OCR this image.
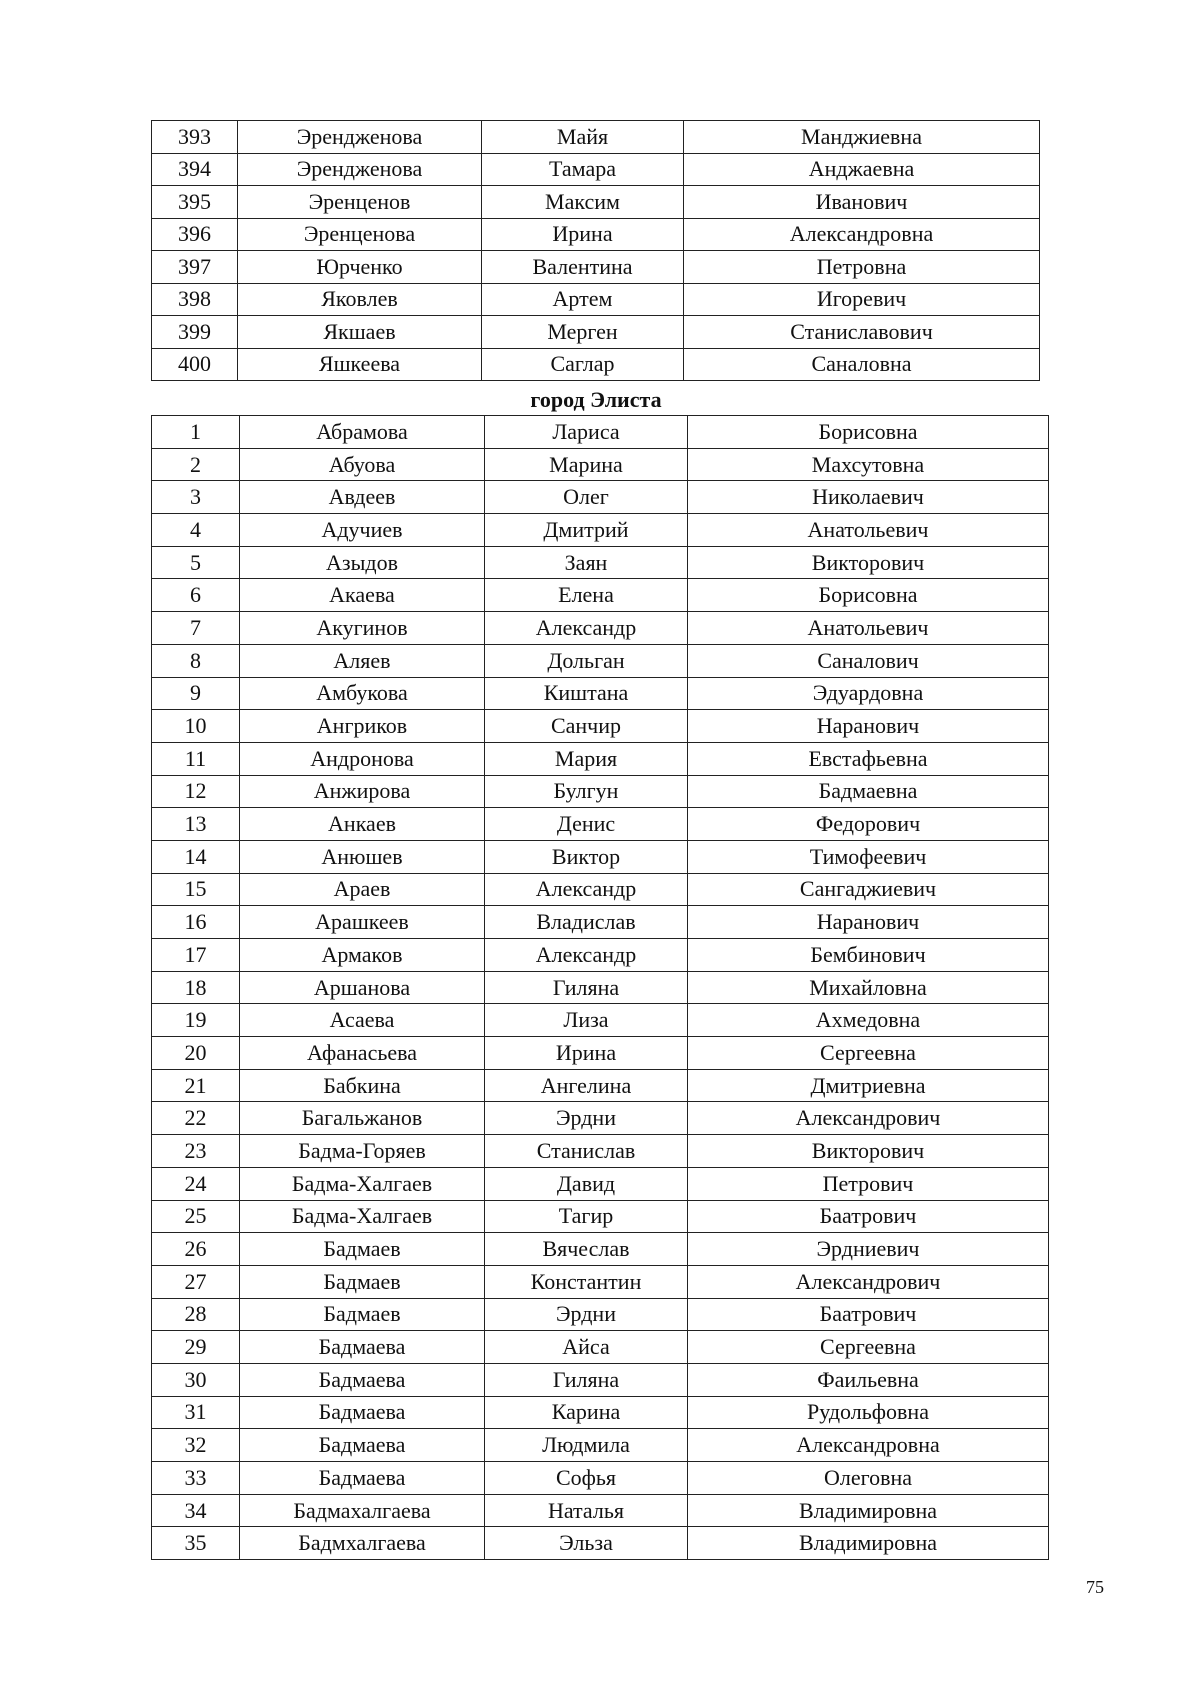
393	Эрендженова	Майя	Манджиевна
394	Эрендженова	Тамара	Анджаевна
395	Эренценов	Максим	Иванович
396	Эренценова	Ирина	Александровна
397	Юрченко	Валентина	Петровна
398	Яковлев	Артем	Игоревич
399	Якшаев	Мерген	Станиславович
400	Яшкеева	Саглар	Саналовна
город Элиста
1	Абрамова	Лариса	Борисовна
2	Абуова	Марина	Махсутовна
3	Авдеев	Олег	Николаевич
4	Адучиев	Дмитрий	Анатольевич
5	Азыдов	Заян	Викторович
6	Акаева	Елена	Борисовна
7	Акугинов	Александр	Анатольевич
8	Аляев	Дольган	Саналович
9	Амбукова	Киштана	Эдуардовна
10	Ангриков	Санчир	Наранович
11	Андронова	Мария	Евстафьевна
12	Анжирова	Булгун	Бадмаевна
13	Анкаев	Денис	Федорович
14	Анюшев	Виктор	Тимофеевич
15	Араев	Александр	Сангаджиевич
16	Арашкеев	Владислав	Наранович
17	Армаков	Александр	Бембинович
18	Аршанова	Гиляна	Михайловна
19	Асаева	Лиза	Ахмедовна
20	Афанасьева	Ирина	Сергеевна
21	Бабкина	Ангелина	Дмитриевна
22	Багальжанов	Эрдни	Александрович
23	Бадма-Горяев	Станислав	Викторович
24	Бадма-Халгаев	Давид	Петрович
25	Бадма-Халгаев	Тагир	Баатрович
26	Бадмаев	Вячеслав	Эрдниевич
27	Бадмаев	Константин	Александрович
28	Бадмаев	Эрдни	Баатрович
29	Бадмаева	Айса	Сергеевна
30	Бадмаева	Гиляна	Фаильевна
31	Бадмаева	Карина	Рудольфовна
32	Бадмаева	Людмила	Александровна
33	Бадмаева	Софья	Олеговна
34	Бадмахалгаева	Наталья	Владимировна
35	Бадмхалгаева	Эльза	Владимировна
75
